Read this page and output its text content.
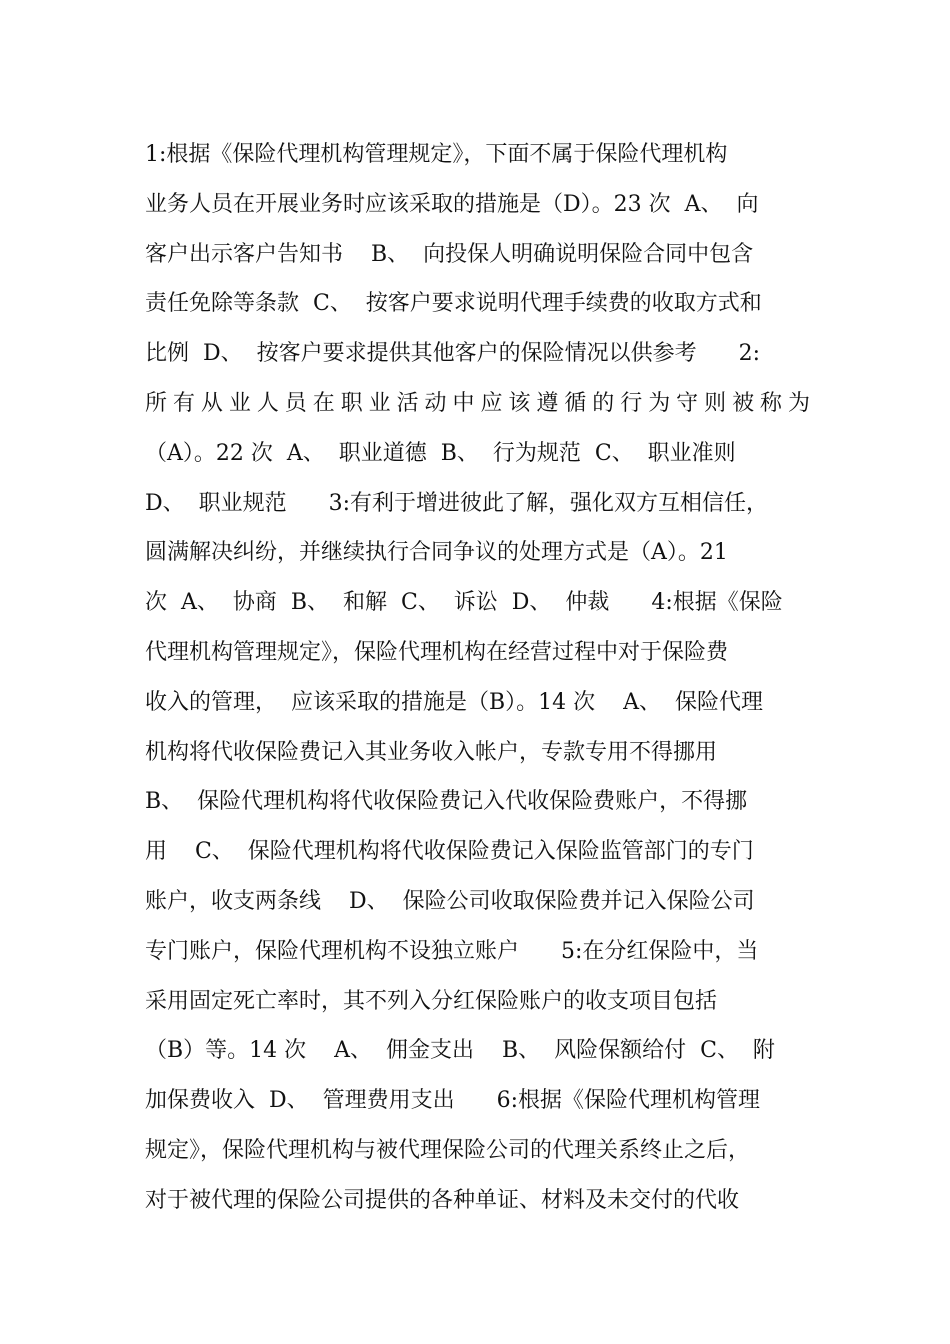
1:根据《保险代理机构管理规定》，下面不属于保险代理机构
业务人员在开展业务时应该采取的措施是（D）。23 次  A、  向
客户出示客户告知书    B、  向投保人明确说明保险合同中包含
责任免除等条款  C、  按客户要求说明代理手续费的收取方式和
比例  D、  按客户要求提供其他客户的保险情况以供参考      2:
所有从业人员在职业活动中应该遵循的行为守则被称为
（A）。22 次  A、  职业道德  B、  行为规范  C、  职业准则
D、  职业规范      3:有利于增进彼此了解，强化双方互相信任，
圆满解决纠纷，并继续执行合同争议的处理方式是（A）。21
次  A、  协商  B、  和解  C、  诉讼  D、  仲裁      4:根据《保险
代理机构管理规定》，保险代理机构在经营过程中对于保险费
收入的管理，  应该采取的措施是（B）。14 次    A、  保险代理
机构将代收保险费记入其业务收入帐户，专款专用不得挪用
B、  保险代理机构将代收保险费记入代收保险费账户，不得挪
用    C、  保险代理机构将代收保险费记入保险监管部门的专门
账户，收支两条线    D、  保险公司收取保险费并记入保险公司
专门账户，保险代理机构不设独立账户      5:在分红保险中，当
采用固定死亡率时，其不列入分红保险账户的收支项目包括
（B）等。14 次    A、  佣金支出    B、  风险保额给付  C、  附
加保费收入  D、  管理费用支出      6:根据《保险代理机构管理
规定》，保险代理机构与被代理保险公司的代理关系终止之后，
对于被代理的保险公司提供的各种单证、材料及未交付的代收
